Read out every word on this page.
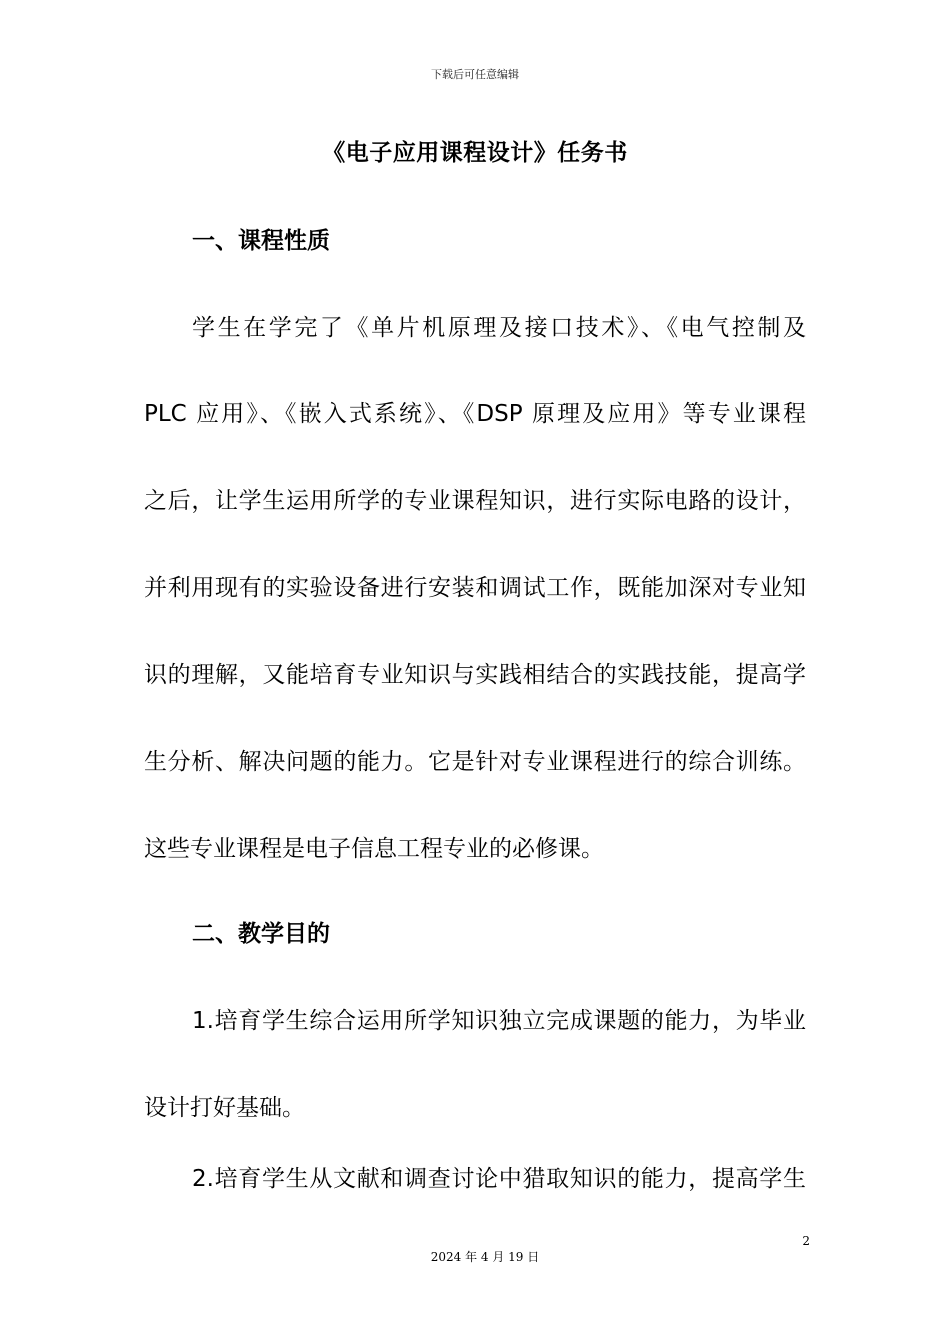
下载后可任意编辑
《电子应用课程设计》任务书
一、课程性质
学生在学完了《单片机原理及接口技术》、《电气控制及
PLC 应用》、《嵌入式系统》、《DSP 原理及应用》等专业课程
之后，让学生运用所学的专业课程知识，进行实际电路的设计，
并利用现有的实验设备进行安装和调试工作，既能加深对专业知
识的理解，又能培育专业知识与实践相结合的实践技能，提高学
生分析、解决问题的能力。它是针对专业课程进行的综合训练。
这些专业课程是电子信息工程专业的必修课。
二、教学目的
1.培育学生综合运用所学知识独立完成课题的能力，为毕业
设计打好基础。
2.培育学生从文献和调查讨论中猎取知识的能力，提高学生
2
2024 年 4 月 19 日
